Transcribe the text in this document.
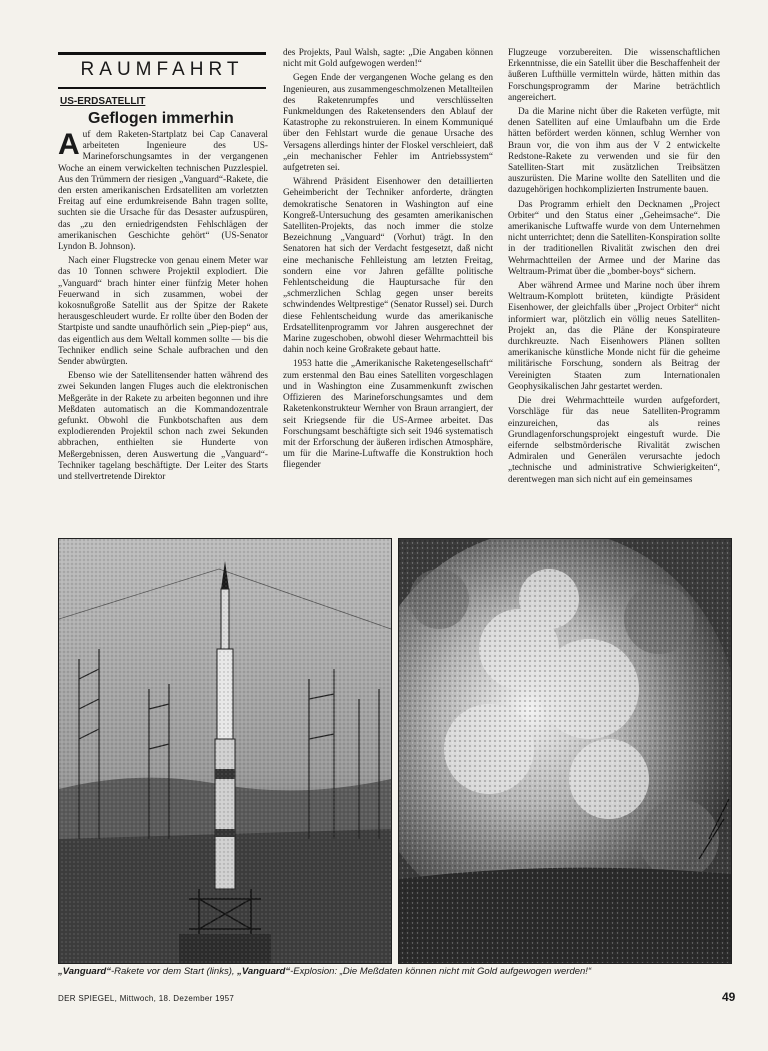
RAUMFAHRT
US-ERDSATELLIT
Geflogen immerhin

Auf dem Raketen-Startplatz bei Cap Canaveral arbeiteten Ingenieure des US-Marineforschungsamtes in der vergangenen Woche an einem verwickelten technischen Puzzlespiel. Aus den Trümmern der riesigen „Vanguard“-Rakete, die den ersten amerikanischen Erdsatelliten am vorletzten Freitag auf eine erdumkreisende Bahn tragen sollte, suchten sie die Ursache für das Desaster aufzuspüren, das „zu den erniedrigendsten Fehlschlägen der amerikanischen Geschichte gehört“ (US-Senator Lyndon B. Johnson).

Nach einer Flugstrecke von genau einem Meter war das 10 Tonnen schwere Projektil explodiert. Die „Vanguard“ brach hinter einer fünfzig Meter hohen Feuerwand in sich zusammen, wobei der kokosnußgroße Satellit aus der Spitze der Rakete herausgeschleudert wurde. Er rollte über den Boden der Startpiste und sandte unaufhörlich sein „Piep-piep“ aus, das eigentlich aus dem Weltall kommen sollte — bis die Techniker endlich seine Schale aufbrachen und den Sender abwürgten.

Ebenso wie der Satellitensender hatten während des zwei Sekunden langen Fluges auch die elektronischen Meßgeräte in der Rakete zu arbeiten begonnen und ihre Meßdaten automatisch an die Kommandozentrale gefunkt. Obwohl die Funkbotschaften aus dem explodierenden Projektil schon nach zwei Sekunden abbrachen, enthielten sie Hunderte von Meßergebnissen, deren Auswertung die „Vanguard“-Techniker tagelang beschäftigte. Der Leiter des Starts und stellvertretende Direktor

des Projekts, Paul Walsh, sagte: „Die Angaben können nicht mit Gold aufgewogen werden!“

Gegen Ende der vergangenen Woche gelang es den Ingenieuren, aus zusammengeschmolzenen Metallteilen des Raketenrumpfes und verschlüsselten Funkmeldungen des Raketensenders den Ablauf der Katastrophe zu rekonstruieren. In einem Kommuniqué über den Fehlstart wurde die genaue Ursache des Versagens allerdings hinter der Floskel verschleiert, daß „ein mechanischer Fehler im Antriebssystem“ aufgetreten sei.

Während Präsident Eisenhower den detaillierten Geheimbericht der Techniker anforderte, drängten demokratische Senatoren in Washington auf eine Kongreß-Untersuchung des gesamten amerikanischen Satelliten-Projekts, das noch immer die stolze Bezeichnung „Vanguard“ (Vorhut) trägt. In den Senatoren hat sich der Verdacht festgesetzt, daß nicht eine mechanische Fehlleistung am letzten Freitag, sondern eine vor Jahren gefällte politische Fehlentscheidung die Hauptursache für den „schmerzlichen Schlag gegen unser bereits schwindendes Weltprestige“ (Senator Russel) sei. Durch diese Fehlentscheidung wurde das amerikanische Erdsatellitenprogramm vor Jahren ausgerechnet der Marine zugeschoben, obwohl dieser Wehrmachtteil bis dahin noch keine Großrakete gebaut hatte.

1953 hatte die „Amerikanische Raketengesellschaft“ zum erstenmal den Bau eines Satelliten vorgeschlagen und in Washington eine Zusammenkunft zwischen Offizieren des Marineforschungsamtes und dem Raketenkonstrukteur Wernher von Braun arrangiert, der seit Kriegsende für die US-Armee arbeitet. Das Forschungsamt beschäftigte sich seit 1946 systematisch mit der Erforschung der äußeren irdischen Atmosphäre, um für die Marine-Luftwaffe die Konstruktion hoch fliegender

Flugzeuge vorzubereiten. Die wissenschaftlichen Erkenntnisse, die ein Satellit über die Beschaffenheit der äußeren Lufthülle vermitteln würde, hätten mithin das Forschungsprogramm der Marine beträchtlich angereichert.

Da die Marine nicht über die Raketen verfügte, mit denen Satelliten auf eine Umlaufbahn um die Erde hätten befördert werden können, schlug Wernher von Braun vor, die von ihm aus der V 2 entwickelte Redstone-Rakete zu verwenden und sie für den Satelliten-Start mit zusätzlichen Treibsätzen auszurüsten. Die Marine wollte den Satelliten und die dazugehörigen hochkomplizierten Instrumente bauen.

Das Programm erhielt den Decknamen „Project Orbiter“ und den Status einer „Geheimsache“. Die amerikanische Luftwaffe wurde von dem Unternehmen nicht unterrichtet; denn die Satelliten-Konspiration sollte in der traditionellen Rivalität zwischen den drei Wehrmachtteilen der Armee und der Marine das Weltraum-Primat über die „bomber-boys“ sichern.

Aber während Armee und Marine noch über ihrem Weltraum-Komplott brüteten, kündigte Präsident Eisenhower, der gleichfalls über „Project Orbiter“ nicht informiert war, plötzlich ein völlig neues Satelliten-Projekt an, das die Pläne der Konspirateure durchkreuzte. Nach Eisenhowers Plänen sollten amerikanische künstliche Monde nicht für die geheime militärische Forschung, sondern als Beitrag der Vereinigten Staaten zum Internationalen Geophysikalischen Jahr gestartet werden.

Die drei Wehrmachtteile wurden aufgefordert, Vorschläge für das neue Satelliten-Programm einzureichen, das als reines Grundlagenforschungsprojekt eingestuft wurde. Die eifernde selbstmörderische Rivalität zwischen Admiralen und Generälen verursachte jedoch „technische und administrative Schwierigkeiten“, derentwegen man sich nicht auf ein gemeinsames

„Vanguard“-Rakete vor dem Start (links), „Vanguard“-Explosion: „Die Meßdaten können nicht mit Gold aufgewogen werden!“
DER SPIEGEL, Mittwoch, 18. Dezember 1957	49
